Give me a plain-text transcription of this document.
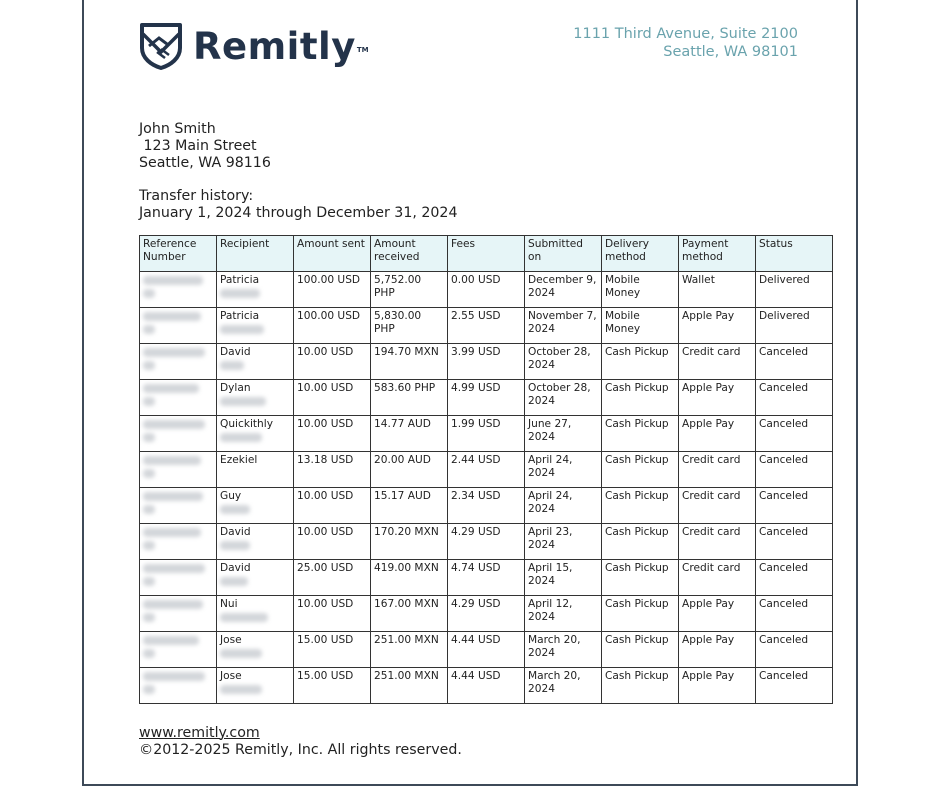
Remitly TM
1111 Third Avenue, Suite 2100
Seattle, WA 98101
John Smith
123 Main Street
Seattle, WA 98116
Transfer history:
January 1, 2024 through December 31, 2024
Reference Number	Recipient	Amount sent	Amount received	Fees	Submitted on	Delivery method	Payment method	Status

	Patricia	100.00 USD	5,752.00 PHP	0.00 USD	December 9, 2024	Mobile Money	Wallet	Delivered

	Patricia	100.00 USD	5,830.00 PHP	2.55 USD	November 7, 2024	Mobile Money	Apple Pay	Delivered

	David	10.00 USD	194.70 MXN	3.99 USD	October 28, 2024	Cash Pickup	Credit card	Canceled

	Dylan	10.00 USD	583.60 PHP	4.99 USD	October 28, 2024	Cash Pickup	Apple Pay	Canceled

	Quickithly	10.00 USD	14.77 AUD	1.99 USD	June 27, 2024	Cash Pickup	Apple Pay	Canceled

	Ezekiel	13.18 USD	20.00 AUD	2.44 USD	April 24, 2024	Cash Pickup	Credit card	Canceled

	Guy	10.00 USD	15.17 AUD	2.34 USD	April 24, 2024	Cash Pickup	Credit card	Canceled

	David	10.00 USD	170.20 MXN	4.29 USD	April 23, 2024	Cash Pickup	Credit card	Canceled

	David	25.00 USD	419.00 MXN	4.74 USD	April 15, 2024	Cash Pickup	Credit card	Canceled

	Nui	10.00 USD	167.00 MXN	4.29 USD	April 12, 2024	Cash Pickup	Apple Pay	Canceled

	Jose	15.00 USD	251.00 MXN	4.44 USD	March 20, 2024	Cash Pickup	Apple Pay	Canceled

	Jose	15.00 USD	251.00 MXN	4.44 USD	March 20, 2024	Cash Pickup	Apple Pay	Canceled
www.remitly.com
©2012-2025 Remitly, Inc. All rights reserved.
